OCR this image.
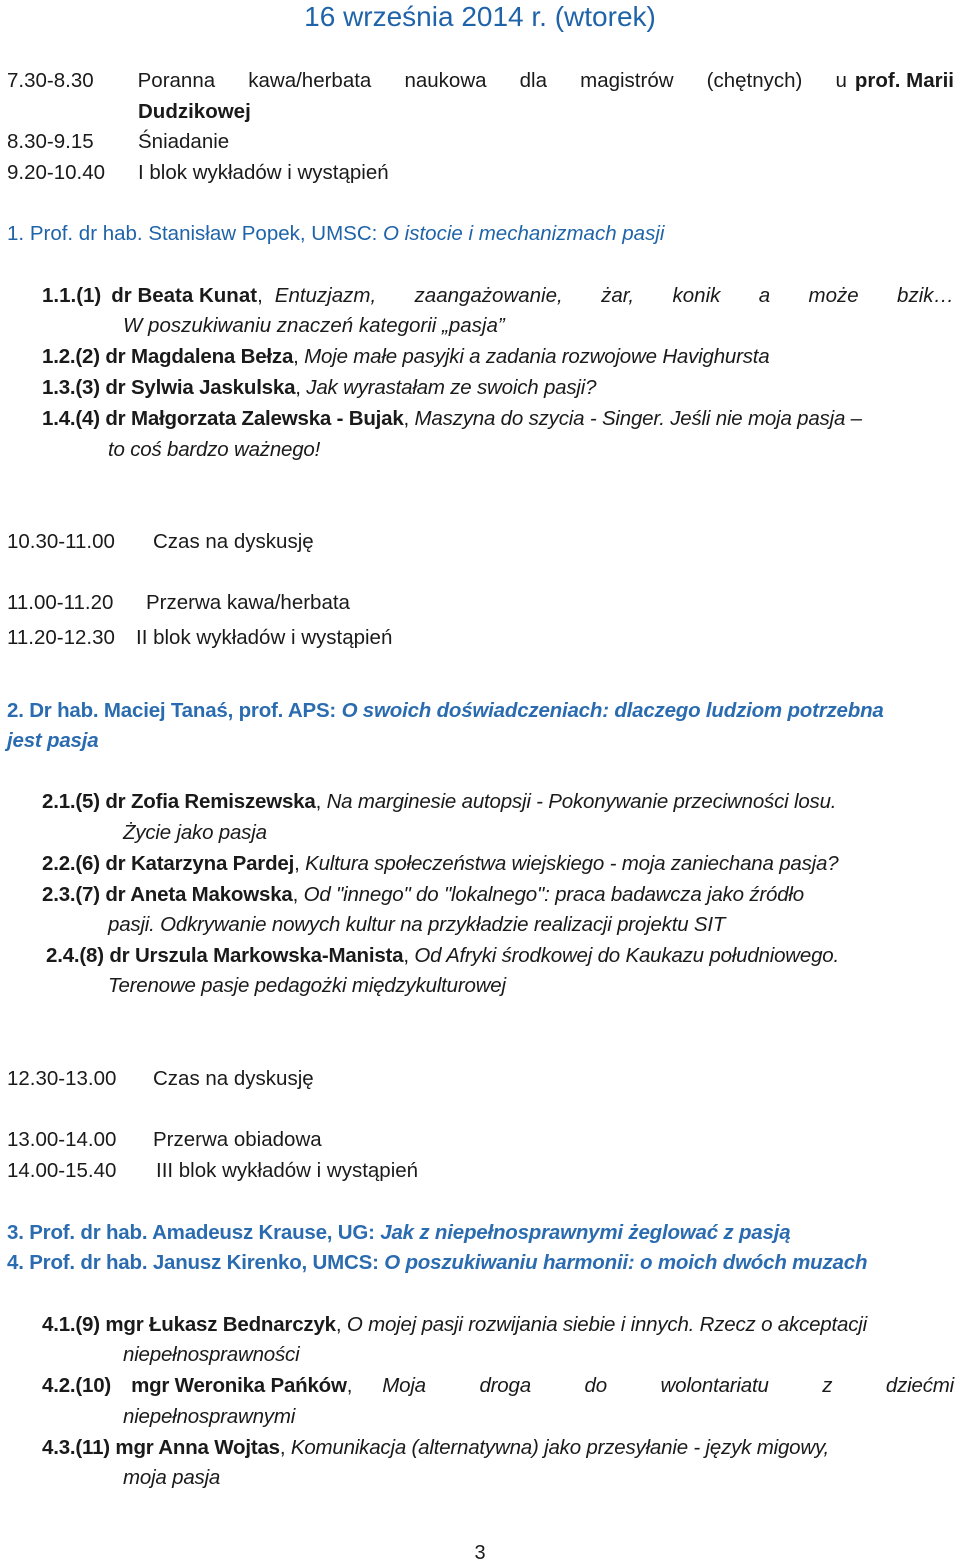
16 września 2014 r. (wtorek)
7.30-8.30 Poranna kawa/herbata naukowa dla magistrów (chętnych) u prof. Marii
Dudzikowej
8.30-9.15 Śniadanie
9.20-10.40 I blok wykładów i wystąpień
1. Prof. dr hab. Stanisław Popek, UMSC: O istocie i mechanizmach pasji
1.1.(1) dr Beata Kunat , Entuzjazm, zaangażowanie, żar, konik a może bzik…
W poszukiwaniu znaczeń kategorii „pasja”
1.2.(2) dr Magdalena Bełza, Moje małe pasyjki a zadania rozwojowe Havighursta
1.3.(3) dr Sylwia Jaskulska, Jak wyrastałam ze swoich pasji?
1.4.(4) dr Małgorzata Zalewska - Bujak, Maszyna do szycia - Singer. Jeśli nie moja pasja –
to coś bardzo ważnego!
10.30-11.00 Czas na dyskusję
11.00-11.20 Przerwa kawa/herbata
11.20-12.30 II blok wykładów i wystąpień
2. Dr hab. Maciej Tanaś, prof. APS: O swoich doświadczeniach: dlaczego ludziom potrzebna
jest pasja
2.1.(5) dr Zofia Remiszewska, Na marginesie autopsji - Pokonywanie przeciwności losu.
Życie jako pasja
2.2.(6) dr Katarzyna Pardej, Kultura społeczeństwa wiejskiego - moja zaniechana pasja?
2.3.(7) dr Aneta Makowska, Od "innego" do "lokalnego": praca badawcza jako źródło
pasji. Odkrywanie nowych kultur na przykładzie realizacji projektu SIT
2.4.(8) dr Urszula Markowska-Manista, Od Afryki środkowej do Kaukazu południowego.
Terenowe pasje pedagożki międzykulturowej
12.30-13.00 Czas na dyskusję
13.00-14.00 Przerwa obiadowa
14.00-15.40 III blok wykładów i wystąpień
3. Prof. dr hab. Amadeusz Krause, UG: Jak z niepełnosprawnymi żeglować z pasją
4. Prof. dr hab. Janusz Kirenko, UMCS: O poszukiwaniu harmonii: o moich dwóch muzach
4.1.(9) mgr Łukasz Bednarczyk, O mojej pasji rozwijania siebie i innych. Rzecz o akceptacji
niepełnosprawności
4.2.(10) mgr Weronika Pańków , Moja droga do wolontariatu z dziećmi
niepełnosprawnymi
4.3.(11) mgr Anna Wojtas, Komunikacja (alternatywna) jako przesyłanie - język migowy,
moja pasja
3
